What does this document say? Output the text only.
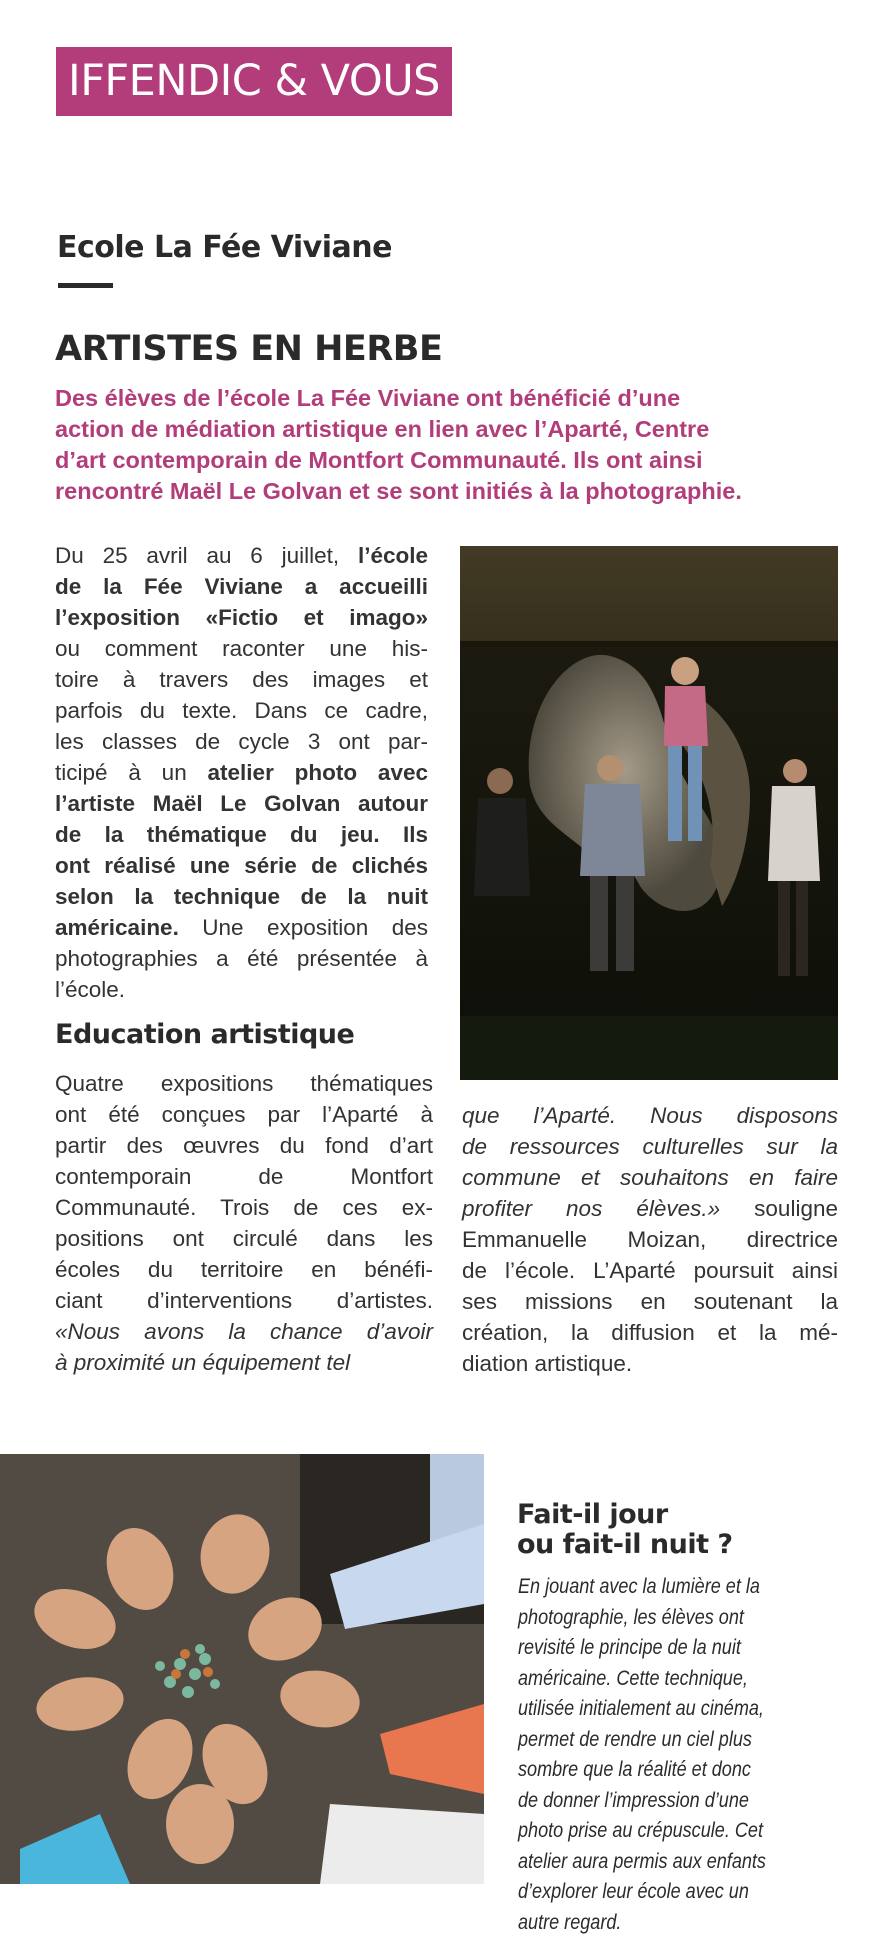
IFFENDIC & VOUS
Ecole La Fée Viviane
ARTISTES EN HERBE
Des élèves de l’école La Fée Viviane ont bénéficié d’une
action de médiation artistique en lien avec l’Aparté, Centre
d’art contemporain de Montfort Communauté. Ils ont ainsi
rencontré Maël Le Golvan et se sont initiés à la photographie.
Du 25 avril au 6 juillet, l’école
de la Fée Viviane a accueilli
l’exposition «Fictio et imago»
ou comment raconter une his-
toire à travers des images et
parfois du texte. Dans ce cadre,
les classes de cycle 3 ont par-
ticipé à un atelier photo avec
l’artiste Maël Le Golvan autour
de la thématique du jeu. Ils
ont réalisé une série de clichés
selon la technique de la nuit
américaine. Une exposition des
photographies a été présentée à
l’école.
Education artistique
Quatre expositions thématiques
ont été conçues par l’Aparté à
partir des œuvres du fond d’art
contemporain de Montfort
Communauté. Trois de ces ex-
positions ont circulé dans les
écoles du territoire en bénéfi-
ciant d’interventions d’artistes.
«Nous avons la chance d’avoir
à proximité un équipement tel
que l’Aparté. Nous disposons
de ressources culturelles sur la
commune et souhaitons en faire
profiter nos élèves.» souligne
Emmanuelle Moizan, directrice
de l’école. L’Aparté poursuit ainsi
ses missions en soutenant la
création, la diffusion et la mé-
diation artistique.
Fait-il jour
ou fait-il nuit ?
En jouant avec la lumière et la
photographie, les élèves ont
revisité le principe de la nuit
américaine. Cette technique,
utilisée initialement au cinéma,
permet de rendre un ciel plus
sombre que la réalité et donc
de donner l’impression d’une
photo prise au crépuscule. Cet
atelier aura permis aux enfants
d’explorer leur école avec un
autre regard.
